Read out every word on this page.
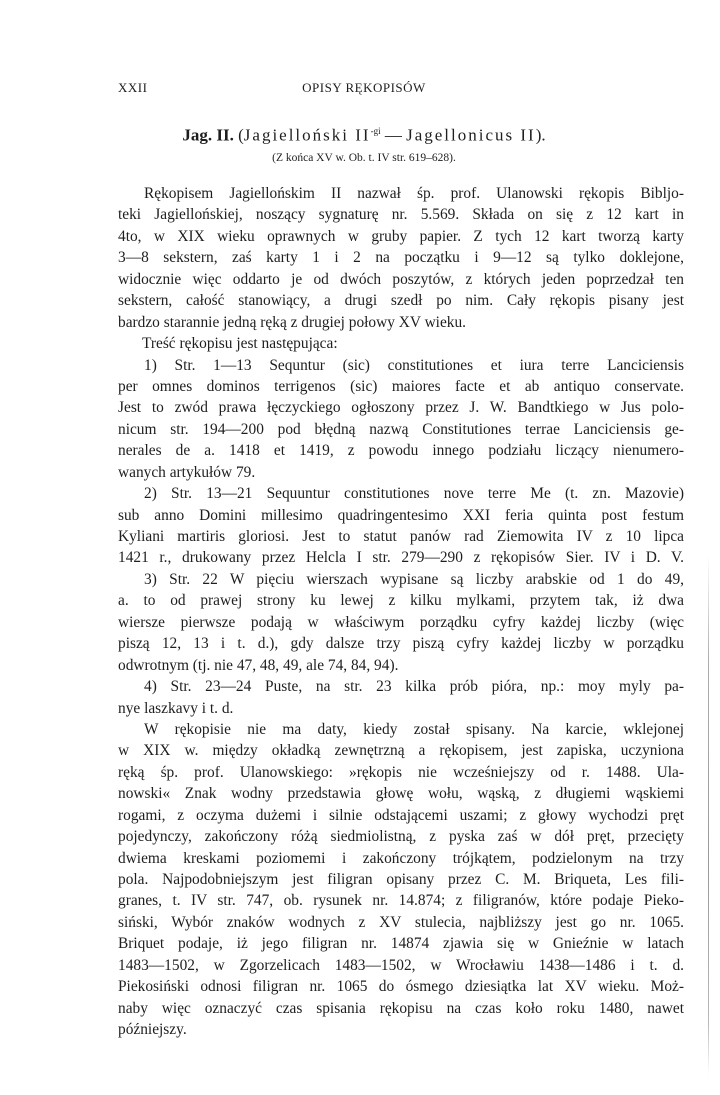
XXII	OPISY RĘKOPISÓW
Jag. II. (Jagielloński $II^{-gi}$ — Jagellonicus II).
(Z końca XV w. Ob. t. IV str. 619–628).
Rękopisem Jagiellońskim II nazwał śp. prof. Ulanowski rękopis Biblјo-
teki Jagiellońskiej, noszący sygnaturę nr. 5.569. Składa on się z 12 kart in
4to, w XIX wieku oprawnych w gruby papier. Z tych 12 kart tworzą karty
3—8 sekstern, zaś karty 1 i 2 na początku i 9—12 są tylko doklejone,
widocznie więc oddarto je od dwóch poszytów, z których jeden poprzedzał ten
sekstern, całość stanowiący, a drugi szedł po nim. Cały rękopis pisany jest
bardzo starannie jedną ręką z drugiej połowy XV wieku.
Treść rękopisu jest następująca:
1) Str. 1—13 Sequntur (sic) constitutiones et iura terre Lanciciensis
per omnes dominos terrigenos (sic) maiores facte et ab antiquo conservate.
Jest to zwód prawa łęczyckiego ogłoszony przez J. W. Bandtkiego w Jus polo-
nicum str. 194—200 pod błędną nazwą Constitutiones terrae Lanciciensis ge-
nerales de a. 1418 et 1419, z powodu innego podziału liczący nienumero-
wanych artykułów 79.
2) Str. 13—21 Sequuntur constitutiones nove terre Me (t. zn. Mazovie)
sub anno Domini millesimo quadringentesimo XXI feria quinta post festum
Kyliani martiris gloriosi. Jest to statut panów rad Ziemowita IV z 10 lipca
1421 r., drukowany przez Helcla I str. 279—290 z rękopisów Sier. IV i D. V.
3) Str. 22 W pięciu wierszach wypisane są liczby arabskie od 1 do 49,
a. to od prawej strony ku lewej z kilku mylkami, przytem tak, iż dwa
wiersze pierwsze podają w właściwym porządku cyfry każdej liczby (więc
piszą 12, 13 i t. d.), gdy dalsze trzy piszą cyfry każdej liczby w porządku
odwrotnym (tj. nie 47, 48, 49, ale 74, 84, 94).
4) Str. 23—24 Puste, na str. 23 kilka prób pióra, np.: moy myly pa-
nye laszkavy i t. d.
W rękopisie nie ma daty, kiedy został spisany. Na karcie, wklejonej
w XIX w. między okładką zewnętrzną a rękopisem, jest zapiska, uczyniona
ręką śp. prof. Ulanowskiego: »rękopis nie wcześniejszy od r. 1488. Ula-
nowski« Znak wodny przedstawia głowę wołu, wąską, z długiemi wąskiemi
rogami, z oczyma dużemi i silnie odstającemi uszami; z głowy wychodzi pręt
pojedynczy, zakończony różą siedmiolistną, z pyska zaś w dół pręt, przecięty
dwiema kreskami poziomemi i zakończony trójkątem, podzielonym na trzy
pola. Najpodobniejszym jest filigran opisany przez C. M. Briqueta, Les fili-
granes, t. IV str. 747, ob. rysunek nr. 14.874; z filigranów, które podaje Pieko-
siński, Wybór znaków wodnych z XV stulecia, najbliższy jest go nr. 1065.
Briquet podaje, iż jego filigran nr. 14874 zjawia się w Gnieźnie w latach
1483—1502, w Zgorzelicach 1483—1502, w Wrocławiu 1438—1486 i t. d.
Piekosiński odnosi filigran nr. 1065 do ósmego dziesiątka lat XV wieku. Moż-
naby więc oznaczyć czas spisania rękopisu na czas koło roku 1480, nawet
późniejszy.
